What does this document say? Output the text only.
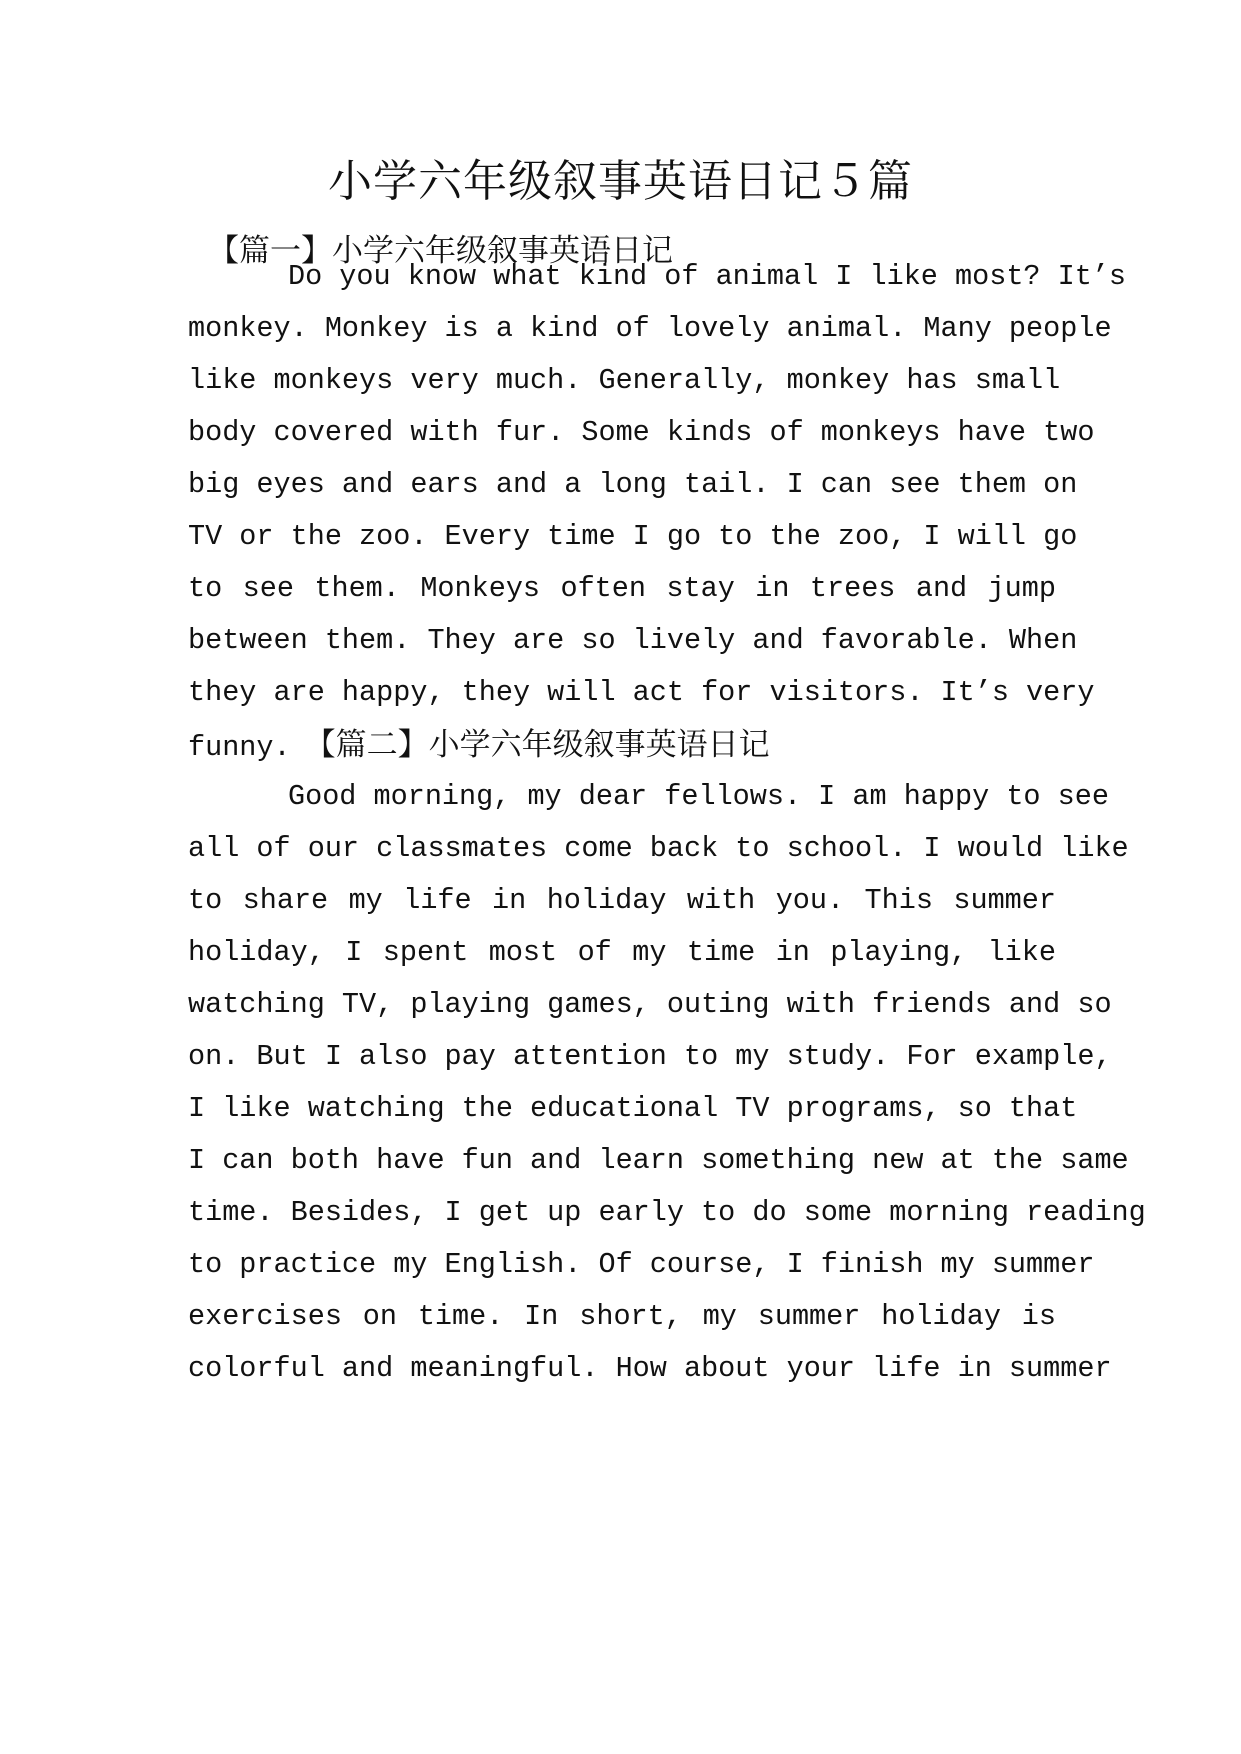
小学六年级叙事英语日记５篇
【篇一】小学六年级叙事英语日记
Do you know what kind of animal I like most? It’s
monkey. Monkey is a kind of lovely animal. Many people
like monkeys very much. Generally, monkey has small
body covered with fur. Some kinds of monkeys have two
big eyes and ears and a long tail. I can see them on
TV or the zoo. Every time I go to the zoo, I will go
to see them. Monkeys often stay in trees and jump
between them. They are so lively and favorable. When
they are happy, they will act for visitors. It’s very
funny. 【篇二】小学六年级叙事英语日记
Good morning, my dear fellows. I am happy to see
all of our classmates come back to school. I would like
to share my life in holiday with you. This summer
holiday, I spent most of my time in playing, like
watching TV, playing games, outing with friends and so
on. But I also pay attention to my study. For example,
I like watching the educational TV programs, so that
I can both have fun and learn something new at the same
time. Besides, I get up early to do some morning reading
to practice my English. Of course, I finish my summer
exercises on time. In short, my summer holiday is
colorful and meaningful. How about your life in summer
